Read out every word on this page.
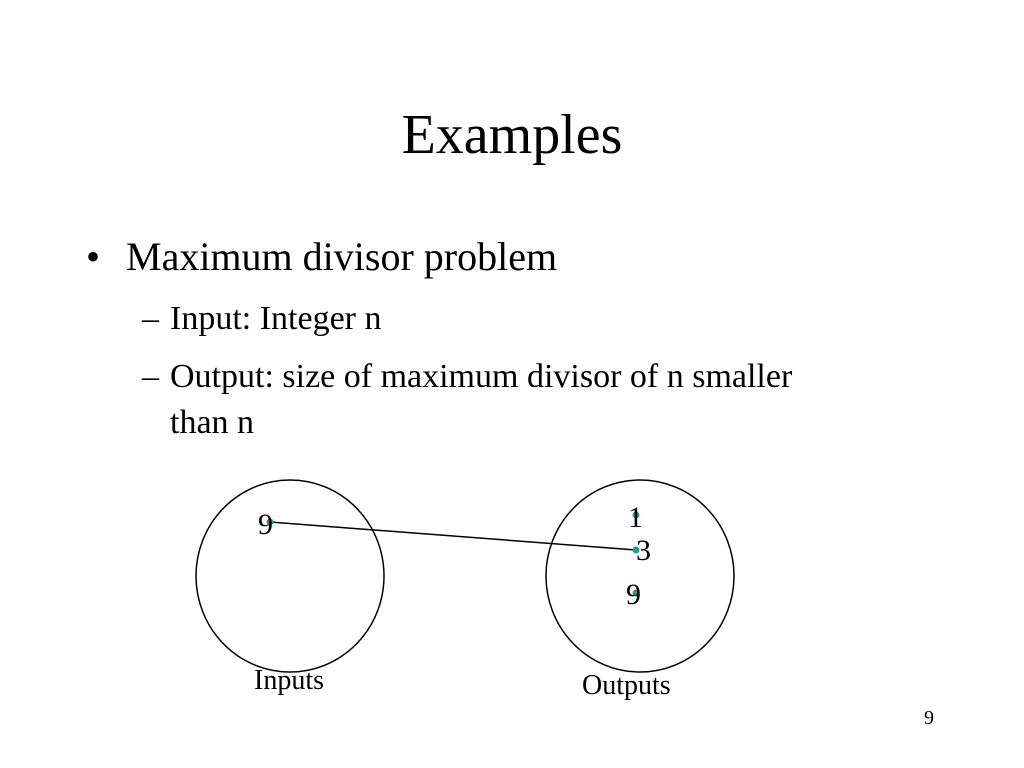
Examples
• Maximum divisor problem
– Input: Integer n
– Output: size of maximum divisor of n smaller
than n
9	1
3
9
Inputs	Outputs
9
